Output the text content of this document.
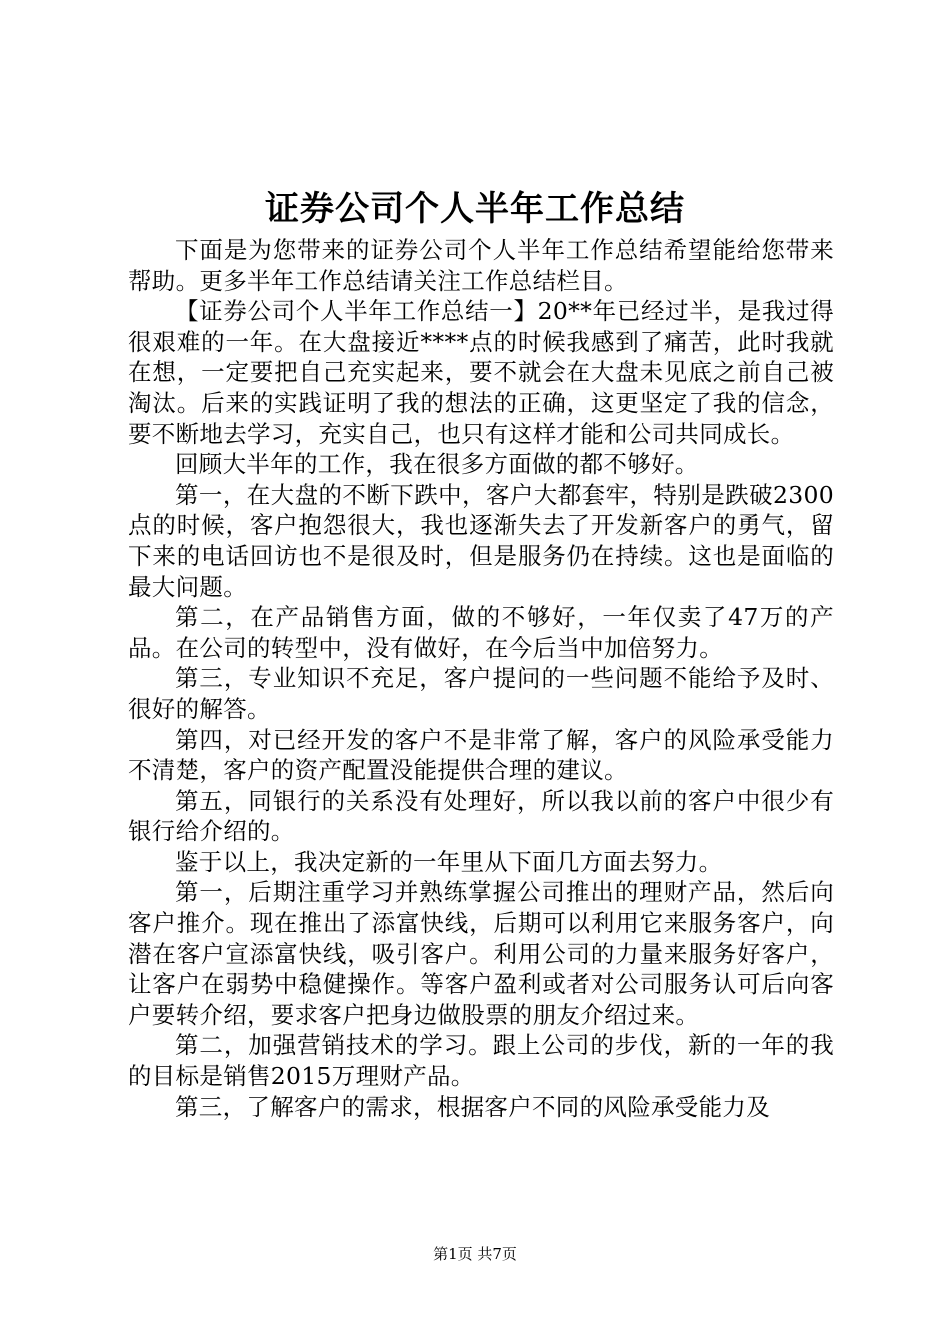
证券公司个人半年工作总结

下面是为您带来的证券公司个人半年工作总结希望能给您带来帮助。更多半年工作总结请关注工作总结栏目。

【证券公司个人半年工作总结一】20**年已经过半，是我过得很艰难的一年。在大盘接近****点的时候我感到了痛苦，此时我就在想，一定要把自己充实起来，要不就会在大盘未见底之前自己被淘汰。后来的实践证明了我的想法的正确，这更坚定了我的信念，要不断地去学习，充实自己，也只有这样才能和公司共同成长。

回顾大半年的工作，我在很多方面做的都不够好。

第一，在大盘的不断下跌中，客户大都套牢，特别是跌破2300点的时候，客户抱怨很大，我也逐渐失去了开发新客户的勇气，留下来的电话回访也不是很及时，但是服务仍在持续。这也是面临的最大问题。

第二，在产品销售方面，做的不够好，一年仅卖了47万的产品。在公司的转型中，没有做好，在今后当中加倍努力。

第三，专业知识不充足，客户提问的一些问题不能给予及时、很好的解答。

第四，对已经开发的客户不是非常了解，客户的风险承受能力不清楚，客户的资产配置没能提供合理的建议。

第五，同银行的关系没有处理好，所以我以前的客户中很少有银行给介绍的。

鉴于以上，我决定新的一年里从下面几方面去努力。

第一，后期注重学习并熟练掌握公司推出的理财产品，然后向客户推介。现在推出了添富快线，后期可以利用它来服务客户，向潜在客户宣添富快线，吸引客户。利用公司的力量来服务好客户，让客户在弱势中稳健操作。等客户盈利或者对公司服务认可后向客户要转介绍，要求客户把身边做股票的朋友介绍过来。

第二，加强营销技术的学习。跟上公司的步伐，新的一年的我的目标是销售2015万理财产品。

第三，了解客户的需求，根据客户不同的风险承受能力及

第1页 共7页
